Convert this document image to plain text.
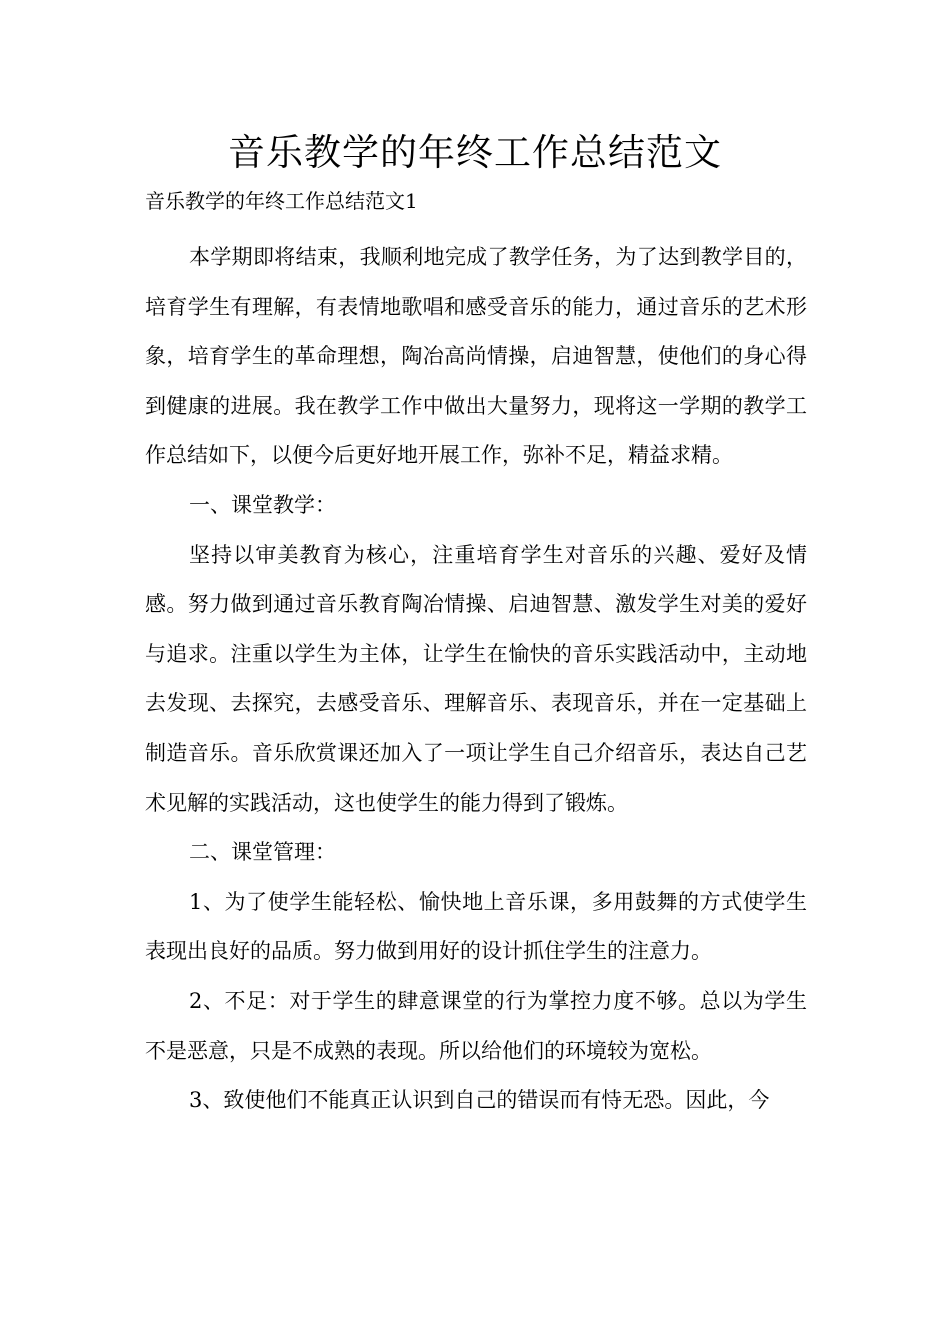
音乐教学的年终工作总结范文
音乐教学的年终工作总结范文1

本学期即将结束，我顺利地完成了教学任务，为了达到教学目的，培育学生有理解，有表情地歌唱和感受音乐的能力，通过音乐的艺术形象，培育学生的革命理想，陶冶高尚情操，启迪智慧，使他们的身心得到健康的进展。我在教学工作中做出大量努力，现将这一学期的教学工作总结如下，以便今后更好地开展工作，弥补不足，精益求精。

一、课堂教学：

坚持以审美教育为核心，注重培育学生对音乐的兴趣、爱好及情感。努力做到通过音乐教育陶冶情操、启迪智慧、激发学生对美的爱好与追求。注重以学生为主体，让学生在愉快的音乐实践活动中，主动地去发现、去探究，去感受音乐、理解音乐、表现音乐，并在一定基础上制造音乐。音乐欣赏课还加入了一项让学生自己介绍音乐，表达自己艺术见解的实践活动，这也使学生的能力得到了锻炼。

二、课堂管理：

1、为了使学生能轻松、愉快地上音乐课，多用鼓舞的方式使学生表现出良好的品质。努力做到用好的设计抓住学生的注意力。

2、不足：对于学生的肆意课堂的行为掌控力度不够。总以为学生不是恶意，只是不成熟的表现。所以给他们的环境较为宽松。

3、致使他们不能真正认识到自己的错误而有恃无恐。因此，今
